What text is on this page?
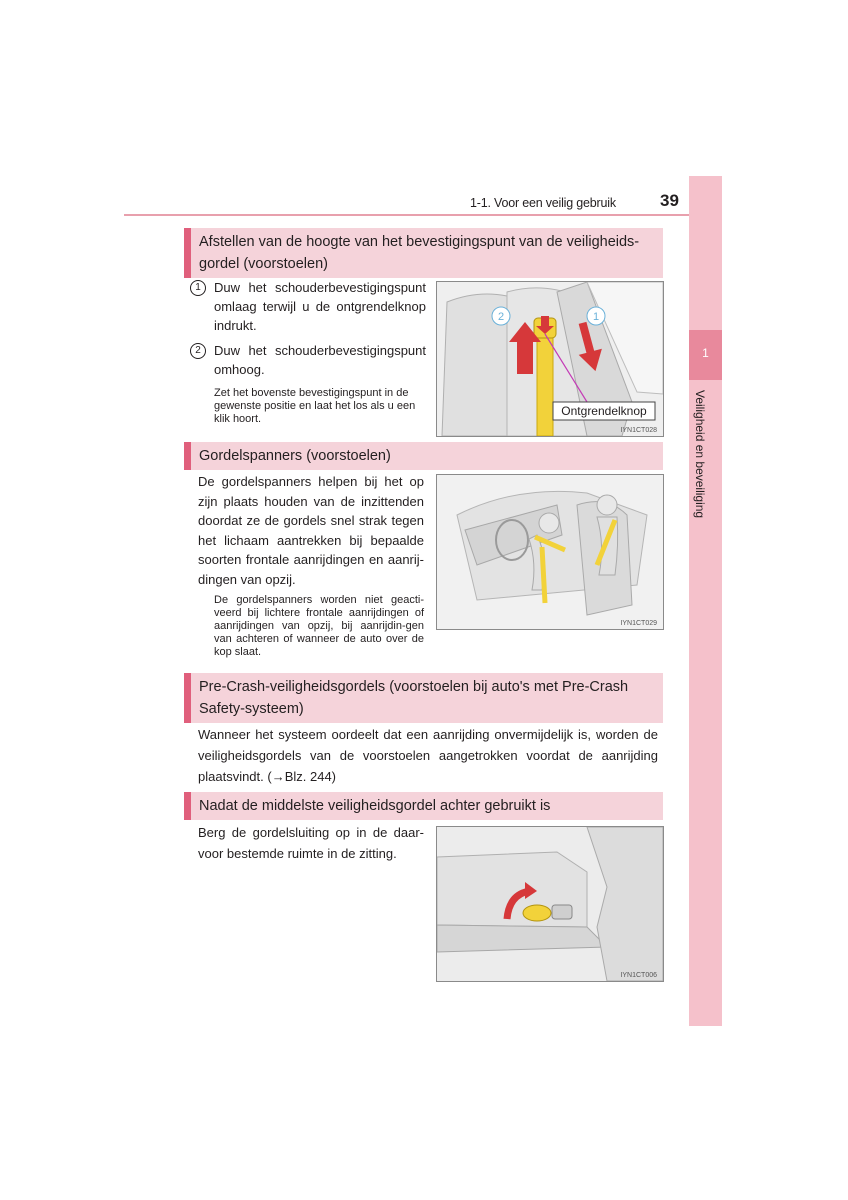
1-1. Voor een veilig gebruik	39
1
Veiligheid en beveiliging
Afstellen van de hoogte van het bevestigingspunt van de veiligheids-
gordel (voorstoelen)
1	Duw het schouderbevestigingspunt omlaag terwijl u de ontgrendelknop indrukt.
2	Duw het schouderbevestigingspunt omhoog.
Zet het bovenste bevestigingspunt in de gewenste positie en laat het los als u een klik hoort.
2	1
Ontgrendelknop
IYN1CT028
Gordelspanners (voorstoelen)
De gordelspanners helpen bij het op zijn plaats houden van de inzittenden doordat ze de gordels snel strak tegen het lichaam aantrekken bij bepaalde soorten frontale aanrijdingen en aanrij-dingen van opzij.
De gordelspanners worden niet geacti-veerd bij lichtere frontale aanrijdingen of aanrijdingen van opzij, bij aanrijdin-gen van achteren of wanneer de auto over de kop slaat.
IYN1CT029
Pre-Crash-veiligheidsgordels (voorstoelen bij auto's met Pre-Crash
Safety-systeem)
Wanneer het systeem oordeelt dat een aanrijding onvermijdelijk is, worden de veiligheidsgordels van de voorstoelen aangetrokken voordat de aanrijding plaatsvindt. (→Blz. 244)
Nadat de middelste veiligheidsgordel achter gebruikt is
Berg de gordelsluiting op in de daar-voor bestemde ruimte in de zitting.
IYN1CT006
